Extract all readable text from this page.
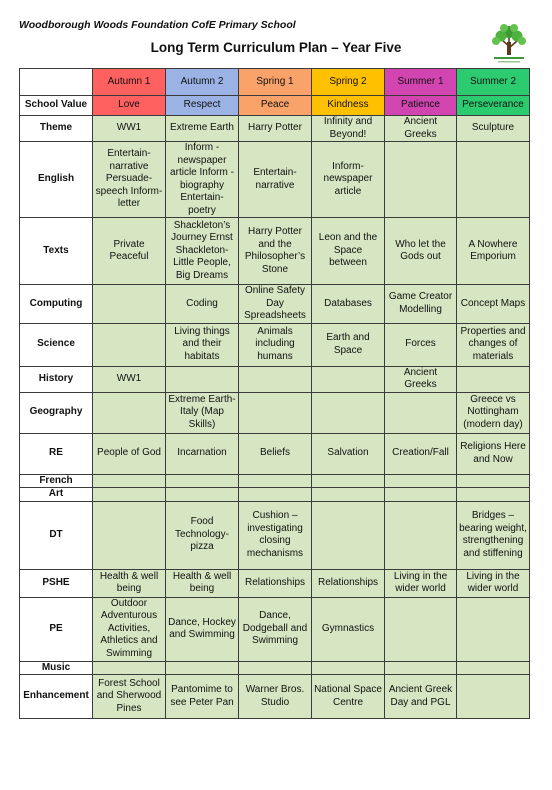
Woodborough Woods Foundation CofE Primary School
Long Term Curriculum Plan – Year Five
	Autumn 1	Autumn 2	Spring 1	Spring 2	Summer 1	Summer 2
School Value	Love	Respect	Peace	Kindness	Patience	Perseverance
Theme	WW1	Extreme Earth	Harry Potter	Infinity and Beyond!	Ancient Greeks	Sculpture
English	Entertain- narrative Persuade- speech Inform-letter	Inform - newspaper article Inform - biography Entertain- poetry	Entertain- narrative	Inform- newspaper article		
Texts	Private Peaceful	Shackleton’s Journey Ernst Shackleton- Little People, Big Dreams	Harry Potter and the Philosopher’s Stone	Leon and the Space between	Who let the Gods out	A Nowhere Emporium
Computing		Coding	Online Safety Day Spreadsheets	Databases	Game Creator Modelling	Concept Maps
Science		Living things and their habitats	Animals including humans	Earth and Space	Forces	Properties and changes of materials
History	WW1				Ancient Greeks	
Geography		Extreme Earth- Italy (Map Skills)				Greece vs Nottingham (modern day)
RE	People of God	Incarnation	Beliefs	Salvation	Creation/Fall	Religions Here and Now
French						
Art						
DT		Food Technology- pizza	Cushion – investigating closing mechanisms			Bridges – bearing weight, strengthening and stiffening
PSHE	Health & well being	Health & well being	Relationships	Relationships	Living in the wider world	Living in the wider world
PE	Outdoor Adventurous Activities, Athletics and Swimming	Dance, Hockey and Swimming	Dance, Dodgeball and Swimming	Gymnastics		
Music						
Enhancement	Forest School and Sherwood Pines	Pantomime to see Peter Pan	Warner Bros. Studio	National Space Centre	Ancient Greek Day and PGL	
